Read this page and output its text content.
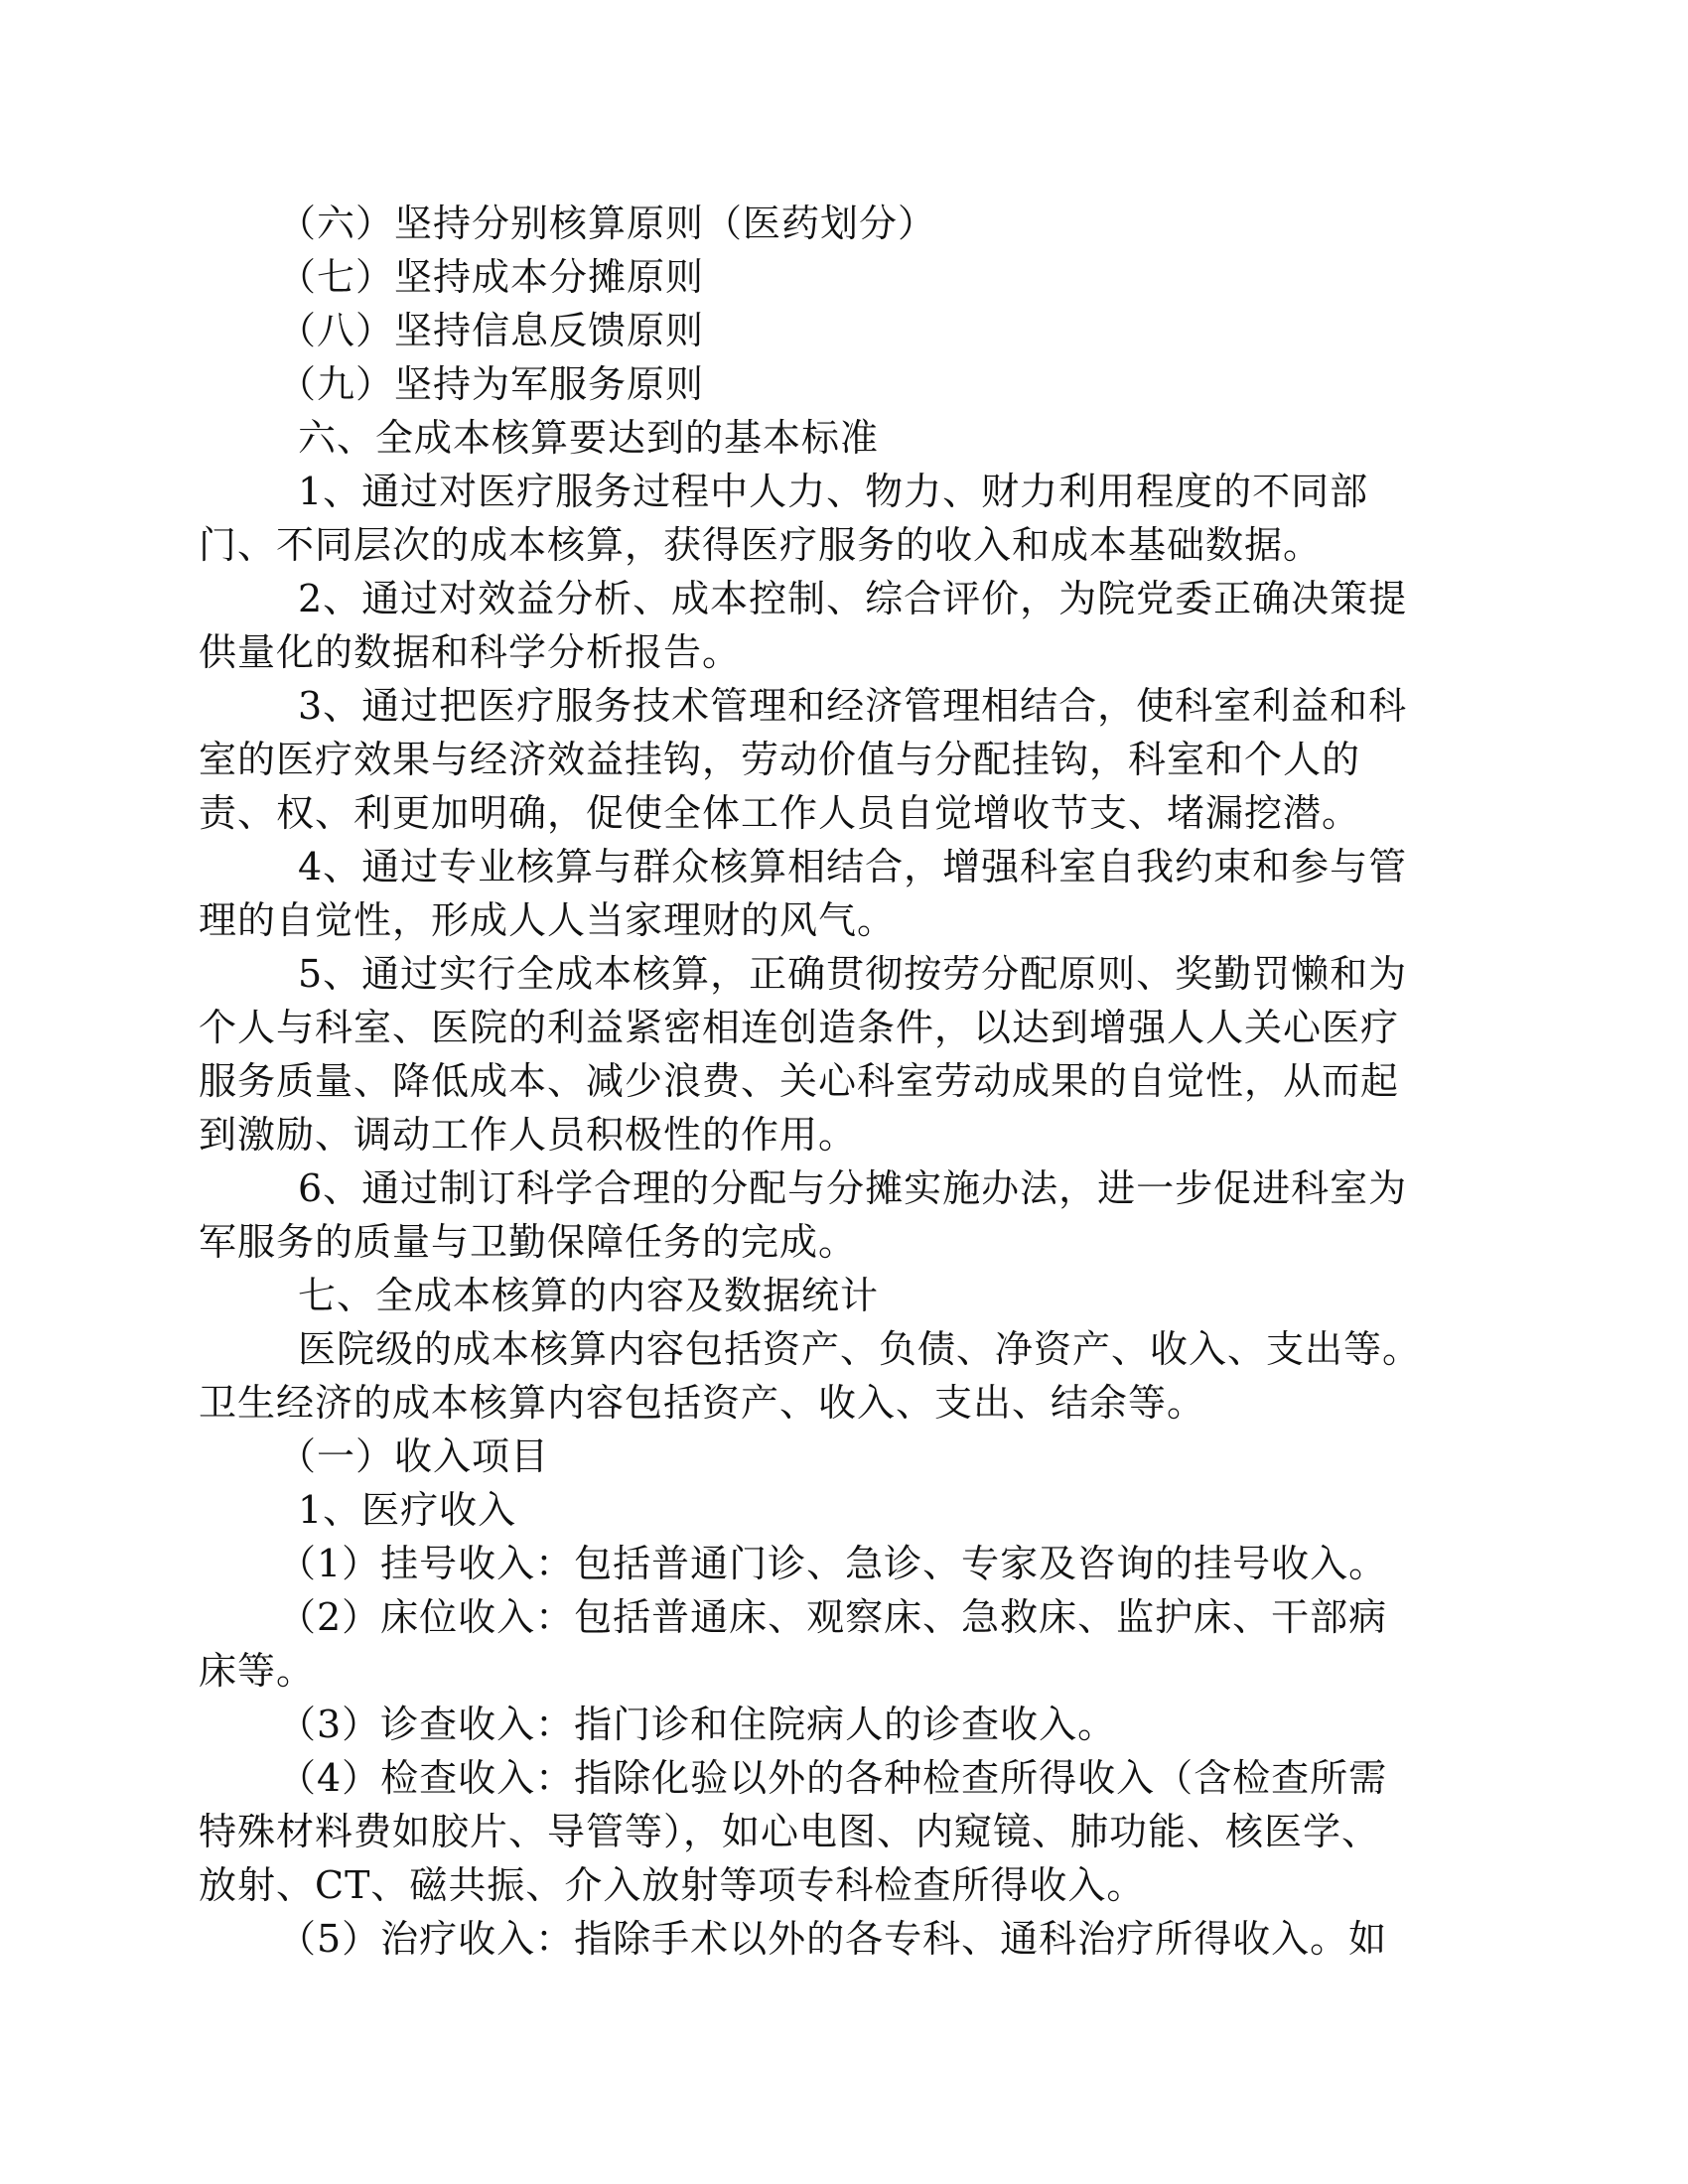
（六）坚持分别核算原则（医药划分）
（七）坚持成本分摊原则
（八）坚持信息反馈原则
（九）坚持为军服务原则
六、全成本核算要达到的基本标准
1、通过对医疗服务过程中人力、物力、财力利用程度的不同部
门、不同层次的成本核算，获得医疗服务的收入和成本基础数据。
2、通过对效益分析、成本控制、综合评价，为院党委正确决策提
供量化的数据和科学分析报告。
3、通过把医疗服务技术管理和经济管理相结合，使科室利益和科
室的医疗效果与经济效益挂钩，劳动价值与分配挂钩，科室和个人的
责、权、利更加明确，促使全体工作人员自觉增收节支、堵漏挖潜。
4、通过专业核算与群众核算相结合，增强科室自我约束和参与管
理的自觉性，形成人人当家理财的风气。
5、通过实行全成本核算，正确贯彻按劳分配原则、奖勤罚懒和为
个人与科室、医院的利益紧密相连创造条件，以达到增强人人关心医疗
服务质量、降低成本、减少浪费、关心科室劳动成果的自觉性，从而起
到激励、调动工作人员积极性的作用。
6、通过制订科学合理的分配与分摊实施办法，进一步促进科室为
军服务的质量与卫勤保障任务的完成。
七、全成本核算的内容及数据统计
医院级的成本核算内容包括资产、负债、净资产、收入、支出等。
卫生经济的成本核算内容包括资产、收入、支出、结余等。
（一）收入项目
1、医疗收入
（1）挂号收入：包括普通门诊、急诊、专家及咨询的挂号收入。
（2）床位收入：包括普通床、观察床、急救床、监护床、干部病
床等。
（3）诊查收入：指门诊和住院病人的诊查收入。
（4）检查收入：指除化验以外的各种检查所得收入（含检查所需
特殊材料费如胶片、导管等），如心电图、内窥镜、肺功能、核医学、
放射、CT、磁共振、介入放射等项专科检查所得收入。
（5）治疗收入：指除手术以外的各专科、通科治疗所得收入。如
